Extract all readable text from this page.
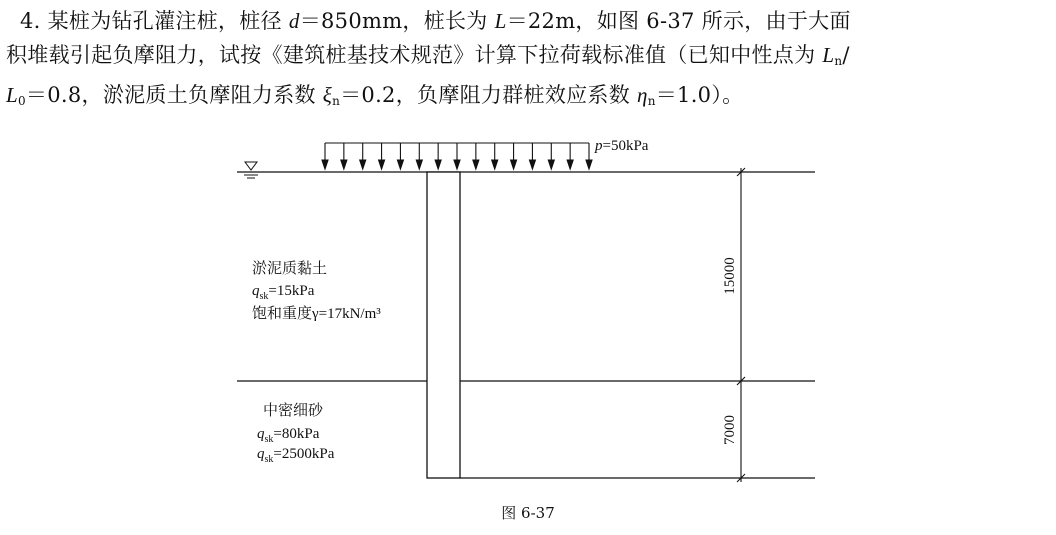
4. 某桩为钻孔灌注桩，桩径 d＝850mm，桩长为 L＝22m，如图 6-37 所示，由于大面

积堆载引起负摩阻力，试按《建筑桩基技术规范》计算下拉荷载标准值（已知中性点为 $L_n/$

$L_0=0.8$，淤泥质土负摩阻力系数 $\xi_n=0.2$，负摩阻力群桩效应系数 $\eta_n=1.0$）。

p=50kPa
15000
7000
淤泥质黏土
$q_{sk}=15kPa$
饱和重度γ=17kN/m³
中密细砂
$q_{sk}=80kPa$
$q_{sk}=2500kPa$
图 6-37
